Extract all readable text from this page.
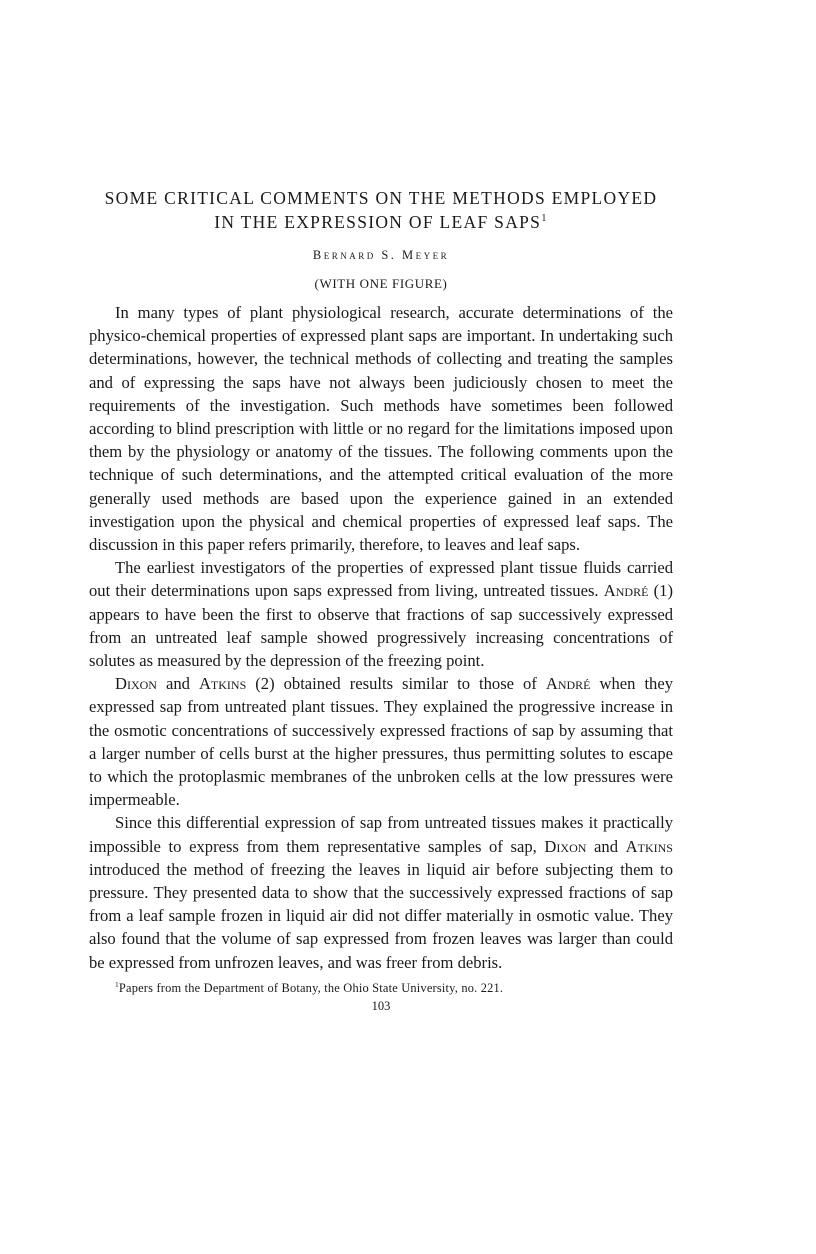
SOME CRITICAL COMMENTS ON THE METHODS EMPLOYED
IN THE EXPRESSION OF LEAF SAPS$^1$
Bernard S. Meyer
(WITH ONE FIGURE)

In many types of plant physiological research, accurate determinations of the physico-chemical properties of expressed plant saps are important. In undertaking such determinations, however, the technical methods of collecting and treating the samples and of expressing the saps have not always been judiciously chosen to meet the requirements of the investigation. Such methods have sometimes been followed according to blind prescription with little or no regard for the limitations imposed upon them by the physiology or anatomy of the tissues. The following comments upon the technique of such determinations, and the attempted critical evaluation of the more generally used methods are based upon the experience gained in an extended investigation upon the physical and chemical properties of expressed leaf saps. The discussion in this paper refers primarily, therefore, to leaves and leaf saps.

The earliest investigators of the properties of expressed plant tissue fluids carried out their determinations upon saps expressed from living, untreated tissues. André (1) appears to have been the first to observe that fractions of sap successively expressed from an untreated leaf sample showed progressively increasing concentrations of solutes as measured by the depression of the freezing point.

Dixon and Atkins (2) obtained results similar to those of André when they expressed sap from untreated plant tissues. They explained the progressive increase in the osmotic concentrations of successively expressed fractions of sap by assuming that a larger number of cells burst at the higher pressures, thus permitting solutes to escape to which the protoplasmic membranes of the unbroken cells at the low pressures were impermeable.

Since this differential expression of sap from untreated tissues makes it practically impossible to express from them representative samples of sap, Dixon and Atkins introduced the method of freezing the leaves in liquid air before subjecting them to pressure. They presented data to show that the successively expressed fractions of sap from a leaf sample frozen in liquid air did not differ materially in osmotic value. They also found that the volume of sap expressed from frozen leaves was larger than could be expressed from unfrozen leaves, and was freer from debris.

$^1$Papers from the Department of Botany, the Ohio State University, no. 221.
103
